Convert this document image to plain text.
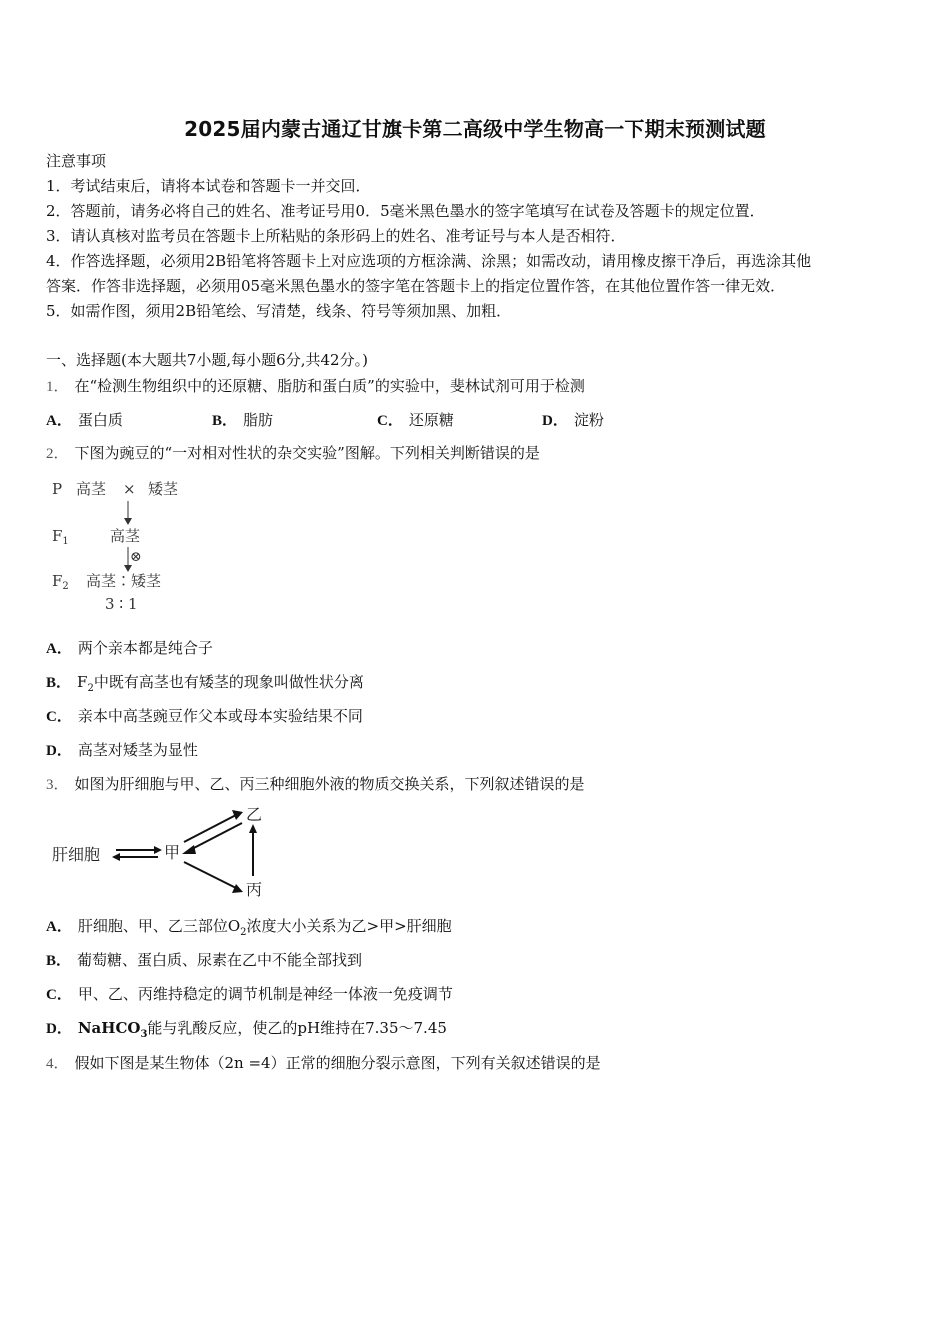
2025届内蒙古通辽甘旗卡第二高级中学生物高一下期末预测试题
注意事项
1．考试结束后，请将本试卷和答题卡一并交回．
2．答题前，请务必将自己的姓名、准考证号用0．5毫米黑色墨水的签字笔填写在试卷及答题卡的规定位置．
3．请认真核对监考员在答题卡上所粘贴的条形码上的姓名、准考证号与本人是否相符．
4．作答选择题，必须用2B铅笔将答题卡上对应选项的方框涂满、涂黑；如需改动，请用橡皮擦干净后，再选涂其他
答案．作答非选择题，必须用05毫米黑色墨水的签字笔在答题卡上的指定位置作答，在其他位置作答一律无效．
5．如需作图，须用2B铅笔绘、写清楚，线条、符号等须加黑、加粗．
一、选择题(本大题共7小题,每小题6分,共42分。)
1． 在“检测生物组织中的还原糖、脂肪和蛋白质”的实验中，斐林试剂可用于检测
A． 蛋白质	B． 脂肪	C． 还原糖	D． 淀粉
2． 下图为豌豆的“一对相对性状的杂交实验”图解。下列相关判断错误的是
P 高茎 × 矮茎
$F_1$	高茎
⊗
$F_2$ 高茎∶矮茎
3 ∶ 1
A． 两个亲本都是纯合子
B． $F_2$中既有高茎也有矮茎的现象叫做性状分离
C． 亲本中高茎豌豆作父本或母本实验结果不同
D． 高茎对矮茎为显性
3． 如图为肝细胞与甲、乙、丙三种细胞外液的物质交换关系，下列叙述错误的是
肝细胞	甲
乙
丙
A． 肝细胞、甲、乙三部位$O_2$浓度大小关系为乙>甲>肝细胞
B． 葡萄糖、蛋白质、尿素在乙中不能全部找到
C． 甲、乙、丙维持稳定的调节机制是神经一体液一免疫调节
D． NaHCO$_3$能与乳酸反应，使乙的pH维持在7.35～7.45
4． 假如下图是某生物体（2n =4）正常的细胞分裂示意图，下列有关叙述错误的是
